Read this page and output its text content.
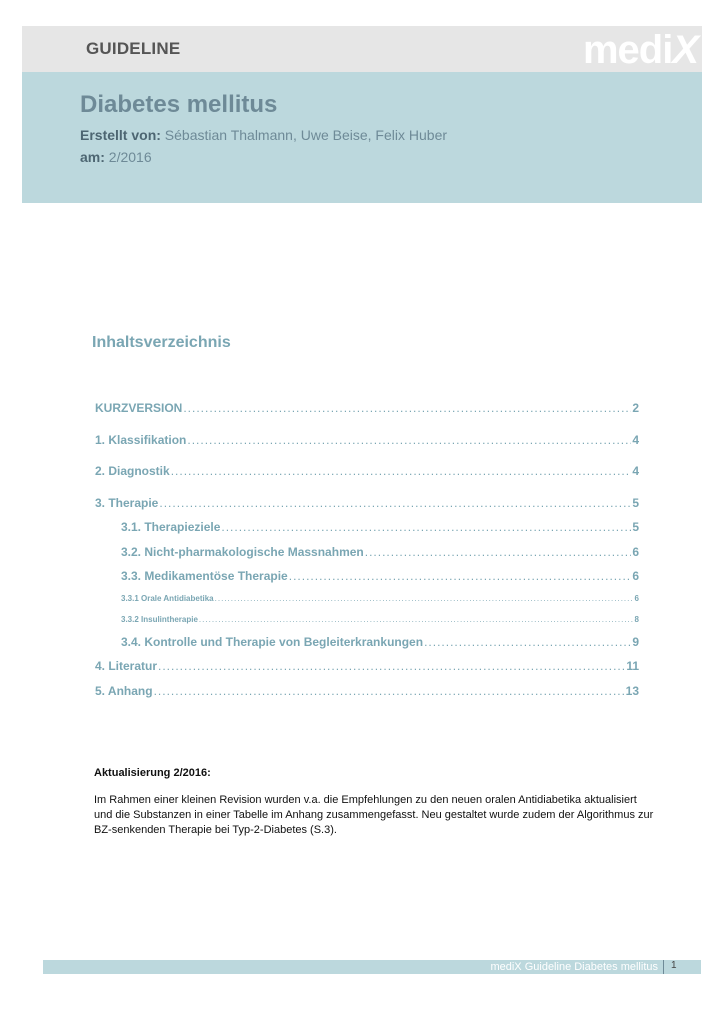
GUIDELINE	mediX
Diabetes mellitus
Erstellt von: Sébastian Thalmann, Uwe Beise, Felix Huber
am: 2/2016
Inhaltsverzeichnis
KURZVERSION .....	2
1. Klassifikation .....	4
2. Diagnostik .....	4
3. Therapie .....	5
3.1. Therapieziele .....	5
3.2. Nicht-pharmakologische Massnahmen .....	6
3.3. Medikamentöse Therapie .....	6
3.3.1 Orale Antidiabetika .....	6
3.3.2 Insulintherapie .....	8
3.4. Kontrolle und Therapie von Begleiterkrankungen .....	9
4. Literatur .....	11
5. Anhang .....	13
Aktualisierung 2/2016:
Im Rahmen einer kleinen Revision wurden v.a. die Empfehlungen zu den neuen oralen Antidiabetika aktualisiert und die Substanzen in einer Tabelle im Anhang zusammengefasst. Neu gestaltet wurde zudem der Algorithmus zur BZ-senkenden Therapie bei Typ-2-Diabetes (S.3).
mediX Guideline Diabetes mellitus 1
